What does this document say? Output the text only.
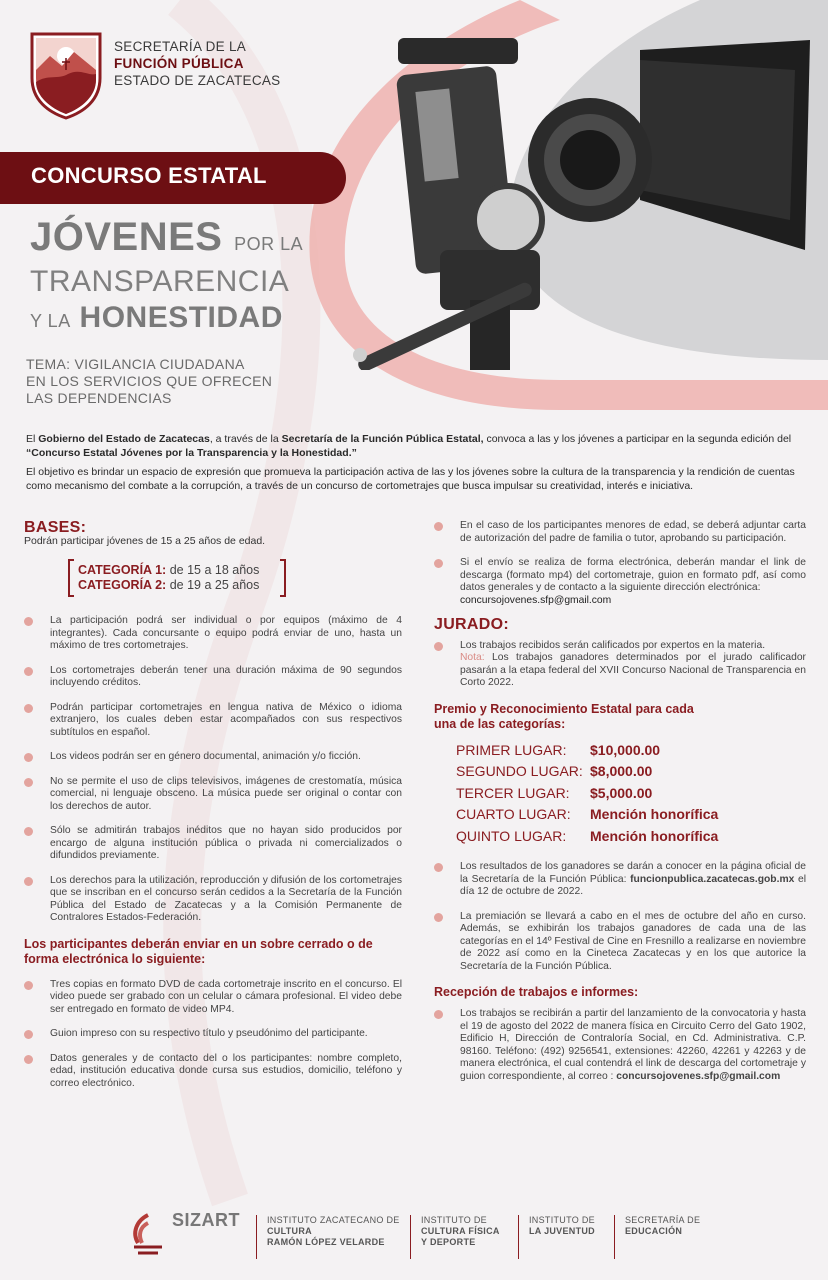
SECRETARÍA DE LA
FUNCIÓN PÚBLICA
ESTADO DE ZACATECAS
CONCURSO ESTATAL
JÓVENES POR LA
TRANSPARENCIA
Y LA HONESTIDAD
TEMA: VIGILANCIA CIUDADANA
EN LOS SERVICIOS QUE OFRECEN
LAS DEPENDENCIAS

El Gobierno del Estado de Zacatecas, a través de la Secretaría de la Función Pública Estatal, convoca a las y los jóvenes a participar en la segunda edición del “Concurso Estatal Jóvenes por la Transparencia y la Honestidad.”

El objetivo es brindar un espacio de expresión que promueva la participación activa de las y los jóvenes sobre la cultura de la transparencia y la rendición de cuentas como mecanismo del combate a la corrupción, a través de un concurso de cortometrajes que busca impulsar su creatividad, interés e iniciativa.

BASES:
Podrán participar jóvenes de 15 a 25 años de edad.
CATEGORÍA 1: de 15 a 18 años
CATEGORÍA 2: de 19 a 25 años
La participación podrá ser individual o por equipos (máximo de 4 integrantes). Cada concursante o equipo podrá enviar de uno, hasta un máximo de tres cortometrajes.
Los cortometrajes deberán tener una duración máxima de 90 segundos incluyendo créditos.
Podrán participar cortometrajes en lengua nativa de México o idioma extranjero, los cuales deben estar acompañados con sus respectivos subtítulos en español.
Los videos podrán ser en género documental, animación y/o ficción.
No se permite el uso de clips televisivos, imágenes de crestomatía, música comercial, ni lenguaje obsceno. La música puede ser original o contar con los derechos de autor.
Sólo se admitirán trabajos inéditos que no hayan sido producidos por encargo de alguna institución pública o privada ni comercializados o difundidos previamente.
Los derechos para la utilización, reproducción y difusión de los cortometrajes que se inscriban en el concurso serán cedidos a la Secretaría de la Función Pública del Estado de Zacatecas y a la Comisión Permanente de Contralores Estados-Federación.
Los participantes deberán enviar en un sobre cerrado o de forma electrónica lo siguiente:
Tres copias en formato DVD de cada cortometraje inscrito en el concurso. El video puede ser grabado con un celular o cámara profesional. El video debe ser entregado en formato de video MP4.
Guion impreso con su respectivo título y pseudónimo del participante.
Datos generales y de contacto del o los participantes: nombre completo, edad, institución educativa donde cursa sus estudios, domicilio, teléfono y correo electrónico.
En el caso de los participantes menores de edad, se deberá adjuntar carta de autorización del padre de familia o tutor, aprobando su participación.
Si el envío se realiza de forma electrónica, deberán mandar el link de descarga (formato mp4) del cortometraje, guion en formato pdf, así como datos generales y de contacto a la siguiente dirección electrónica:
concursojovenes.sfp@gmail.com
JURADO:
Los trabajos recibidos serán calificados por expertos en la materia.
Nota: Los trabajos ganadores determinados por el jurado calificador pasarán a la etapa federal del XVII Concurso Nacional de Transparencia en Corto 2022.
Premio y Reconocimiento Estatal para cada una de las categorías:
PRIMER LUGAR:	$10,000.00
SEGUNDO LUGAR: $8,000.00
TERCER LUGAR:	$5,000.00
CUARTO LUGAR:	Mención honorífica
QUINTO LUGAR:	Mención honorífica
Los resultados de los ganadores se darán a conocer en la página oficial de la Secretaría de la Función Pública: funcionpublica.zacatecas.gob.mx el día 12 de octubre de 2022.
La premiación se llevará a cabo en el mes de octubre del año en curso. Además, se exhibirán los trabajos ganadores de cada una de las categorías en el 14º Festival de Cine en Fresnillo a realizarse en noviembre de 2022 así como en la Cineteca Zacatecas y en los que autorice la Secretaría de la Función Pública.
Recepción de trabajos e informes:
Los trabajos se recibirán a partir del lanzamiento de la convocatoria y hasta el 19 de agosto del 2022 de manera física en Circuito Cerro del Gato 1902, Edificio H, Dirección de Contraloría Social, en Cd. Administrativa. C.P. 98160. Teléfono: (492) 9256541, extensiones: 42260, 42261 y 42263 y de manera electrónica, el cual contendrá el link de descarga del cortometraje y guion correspondiente, al correo : concursojovenes.sfp@gmail.com
SIZART	INSTITUTO ZACATECANO DE
CULTURA
RAMÓN LÓPEZ VELARDE
INSTITUTO DE
CULTURA FÍSICA
Y DEPORTE
INSTITUTO DE
LA JUVENTUD
SECRETARÍA DE
EDUCACIÓN
